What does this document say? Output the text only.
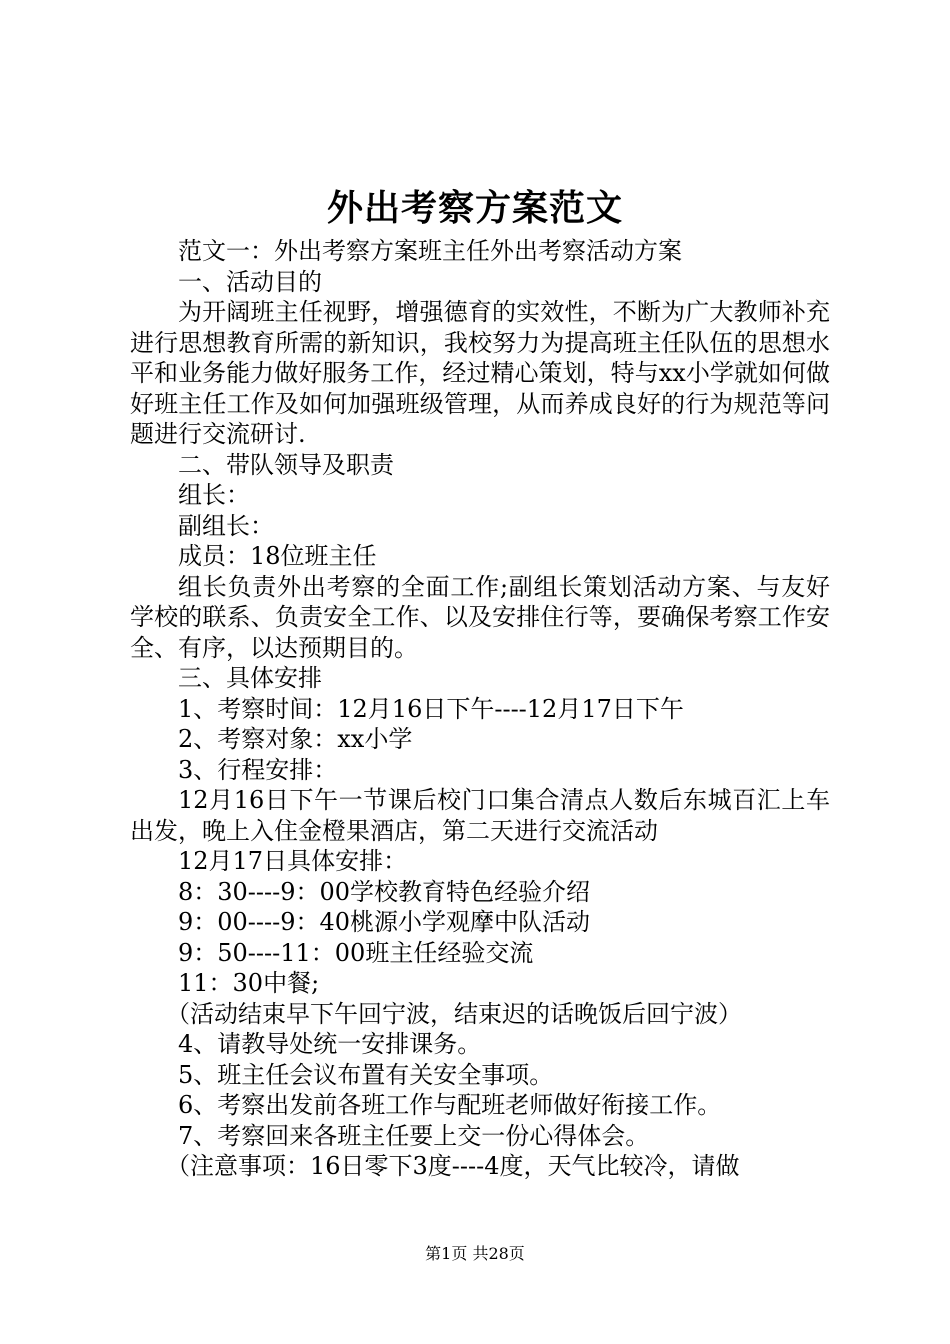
外出考察方案范文

范文一：外出考察方案班主任外出考察活动方案

一、活动目的

为开阔班主任视野，增强德育的实效性，不断为广大教师补充进行思想教育所需的新知识，我校努力为提高班主任队伍的思想水平和业务能力做好服务工作，经过精心策划，特与xx小学就如何做好班主任工作及如何加强班级管理，从而养成良好的行为规范等问题进行交流研讨.

二、带队领导及职责

组长：

副组长：

成员：18位班主任

组长负责外出考察的全面工作;副组长策划活动方案、与友好学校的联系、负责安全工作、以及安排住行等，要确保考察工作安全、有序，以达预期目的。

三、具体安排

1、考察时间：12月16日下午----12月17日下午

2、考察对象：xx小学

3、行程安排：

12月16日下午一节课后校门口集合清点人数后东城百汇上车出发，晚上入住金橙果酒店，第二天进行交流活动

12月17日具体安排：

8：30----9：00学校教育特色经验介绍

9：00----9：40桃源小学观摩中队活动

9：50----11：00班主任经验交流

11：30中餐;

（活动结束早下午回宁波，结束迟的话晚饭后回宁波）

4、请教导处统一安排课务。

5、班主任会议布置有关安全事项。

6、考察出发前各班工作与配班老师做好衔接工作。

7、考察回来各班主任要上交一份心得体会。

（注意事项：16日零下3度----4度，天气比较冷，请做

第1页 共28页
